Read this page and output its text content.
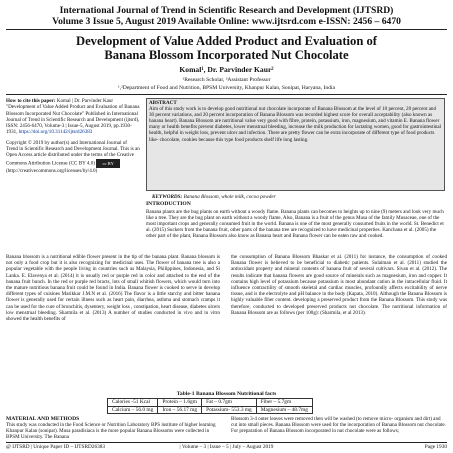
International Journal of Trend in Scientific Research and Development (IJTSRD)
Volume 3 Issue 5, August 2019 Available Online: www.ijtsrd.com e-ISSN: 2456 – 6470
Development of Value Added Product and Evaluation of
Banana Blossom Incorporated Nut Chocolate
Komal¹, Dr. Parvinder Kaur²
¹Research Scholar, ²Assistant Professor
¹,²Department of Food and Nutrition, BPSM University, Khanpur Kalan, Sonipat, Haryana, India
How to cite this paper: Komal | Dr. Parvinder Kaur "Development of Value Added Product and Evaluation of Banana Blossom Incorporated Nut Chocolate" Published in International Journal of Trend in Scientific Research and Development (ijtsrd), ISSN: 2456-6470, Volume-3 | Issue-5, August 2019, pp.1930-1931, https://doi.org/10.31142/ijtsrd26383
Copyright © 2019 by author(s) and International Journal of Trend in Scientific Research and Development Journal. This is an Open Access article distributed under the terms of the Creative Commons Attribution License (CC BY 4.0) cc BY (http://creativecommons.org/licenses/by/4.0)
ABSTRACT
Aim of this study work is to develop good nutritional nut chocolate incorporate of Banana Blossom at the level of 10 percent, 20 percent and 30 percent variations, and 20 percent incorporation of Banana Blossom was recorded highest score for overall acceptability (also known as banana heart). Banana Blossom are nutritional value very good with fibre, protein, potassium, iron, magnesium, and vitamin E. Banana flower many or health benefits prevent diabetes, lower menstrual bleeding, increase the milk production for lactating women, good for gastrointestinal health, helpful in weight loss, prevent ulcer and infection. There are pretty flower can be extra incorporate of different type of food products like- chocolate, cookies because this type food products shelf life long lasting.
KEYWORDS: Banana Blossom, whole milk, cocoa powder
INTRODUCTION
Banana plants are the bug plants on earth without a woody flame. Banana plants can becomes to heights up to nine (9) meters and look very much like a tree. They are the bug plant on earth without a woody flame. Also, Banana is a fruit of the genus Musa of the family Musaceae, one of the most important crops and generally consumed fruit in the world. Banana is one of the most generally consumed fruits in the world. St. Benedict et al. (2015) Suckers from the banana fruit, other parts of the banana tree are recognized to have medicinal properties. Kanchana et al. (2005) the other part of the plant, Banana Blossom also know as Banana heart and Banana flower can be eaten raw and cooked.
Banana blossom is a nutritional edible flower present in the tip of the banana plant. Banana blossom is not only a food crop but it is also recognizing for medicinal uses. The flower of banana tree is also a popular vegetable with the people living in countries such as Malaysia, Philippines, Indonesia, and Si Lanka. E. Elavenya et al. (2014) it is usually red or purple red in color and attached to the end of the banana fruit bunch. In the red or purple red bracts, lots of small whitish flowers, which would turn into the mature nutritious banana fruit could be found in India. Banana flower is cooked to serve in develop different types of cuisines Marikkar J.M.N et al. (2016) The flavor is a little starchy and bitter banana flower is generally used for certain illness such as heart pain, diarrhea, asthma and stomach cramps it can be used for the cure of bronchitis, dysentery, weight loss , constipation, heart disease, diabetes ulcers low menstrual bleeding. Sharmila et al. (2013) A number of studies conducted in vivo and in vitro showed the health benefits of
the consumption of Banana Blossom Bhaskar et al. (2011) for instance, the consumption of cooked Banana flower is believed to be beneficial to diabetic patients. Sulaiman et al. (2011) studied the antioxidant property and mineral contents of banana fruit of several cultivars. Sivan et al. (2012). The results indicate that banana flowers are good source of minerals such as magnesium, iron and copper. It contains high level of potassium because potassium is most abundant cation in the intracellular fluid. It influence contractility of smooth skeletal and cardiac muscles, profoundly affects excitability of nerve tissue, and is the electrolyte and pH balance in the body (Kapata, 2010). Although the Banana Blossom is highly valuable fiber content. developing a preserved product from the Banana Blossom. This study was therefore, conducted to developed preserved products nut chocolate. The nutritional information of Banana Blossom are as follows (per 100g): (Sharmila, et al 2013).
Table-1 Banana Blossom Nutritional facts
Calories -51 Kcal	Protein – 1.6gm	Fat – 0.7gm	Fiber – 5.7gm
Calcium – 56.0 mg	Iron – 56.17 mg	Potassium- 553.3 mg	Magnesium – 48.7mg
MATERIAL AND METHODS
This study was conducted in the Food Science or Nutrition Laboratory BPS institute of higher learning Khanpur Kalan (sonipat). Musa paradisiaca is the more popular Banana Blossoms were collected in BPSM University. The Banana
Blossom 3-4 outer leaves were removed then will be washed (to remove micro- organism and dirt) and cut into small pieces. Banana Blossom were used for the incorporation of Banana Blossom nut chocolate. For preparation of Banana Blossom incorporated in nut chocolate were as follows;
@ IJTSRD | Unique Paper ID – IJTSRD26383	| Volume – 3 | Issue – 5 | July – August 2019	Page 1930
